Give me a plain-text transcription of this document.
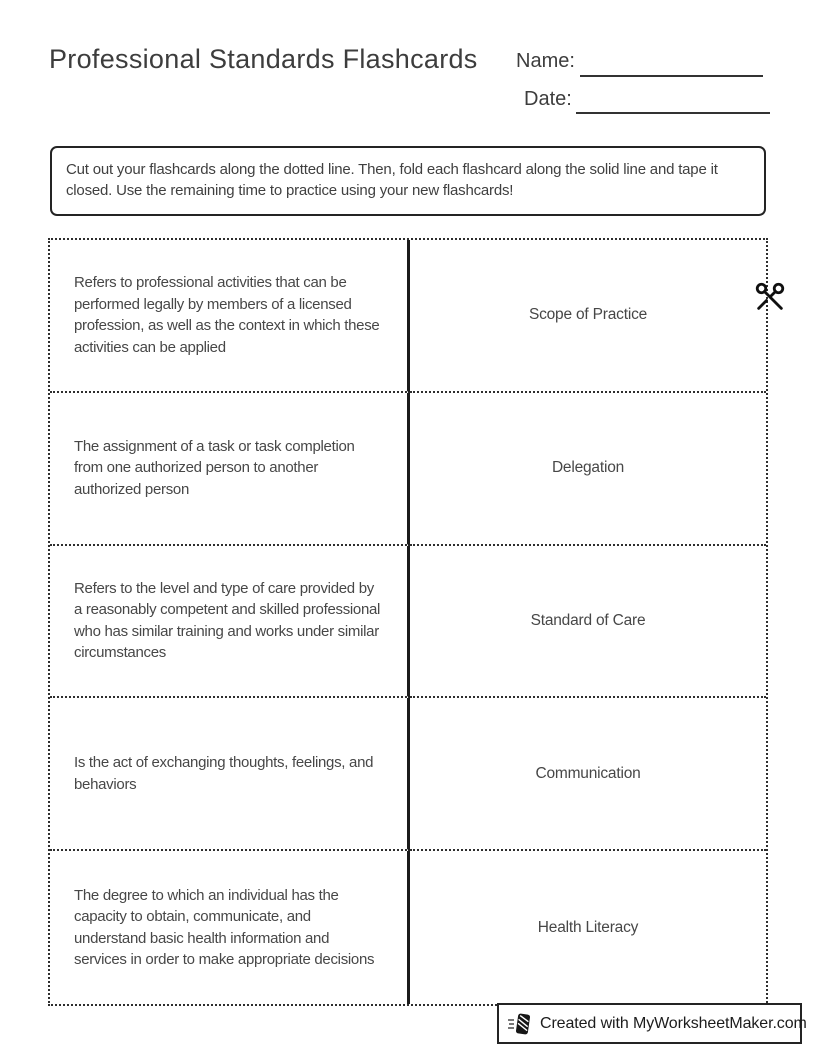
Professional Standards Flashcards Name:
Date:
Cut out your flashcards along the dotted line. Then, fold each flashcard along the solid line and tape it closed. Use the remaining time to practice using your new flashcards!
Refers to professional activities that can be performed legally by members of a licensed profession, as well as the context in which these activities can be applied
Scope of Practice
The assignment of a task or task completion from one authorized person to another authorized person
Delegation
Refers to the level and type of care provided by a reasonably competent and skilled professional who has similar training and works under similar circumstances
Standard of Care
Is the act of exchanging thoughts, feelings, and behaviors
Communication
The degree to which an individual has the capacity to obtain, communicate, and understand basic health information and services in order to make appropriate decisions
Health Literacy
Created with MyWorksheetMaker.com
